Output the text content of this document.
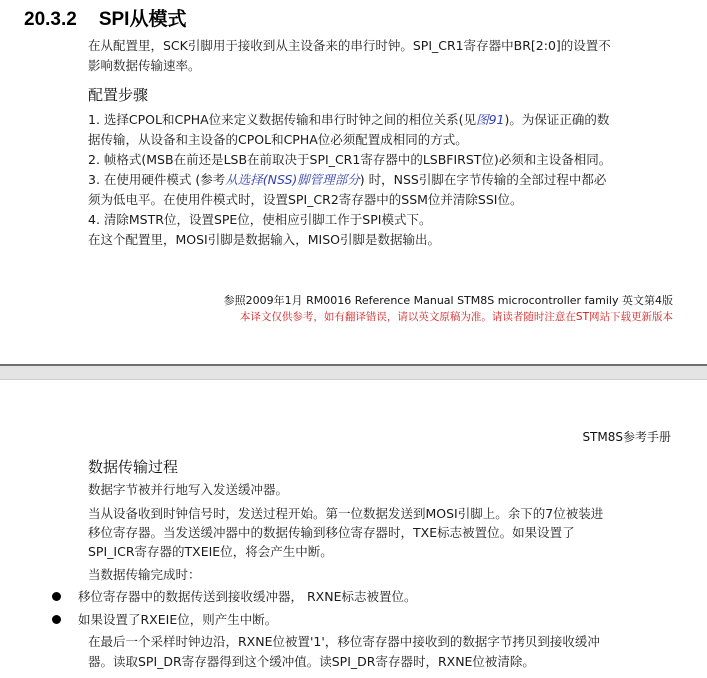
20.3.2 SPI从模式
在从配置里，SCK引脚用于接收到从主设备来的串行时钟。SPI_CR1寄存器中BR[2:0]的设置不
影响数据传输速率。
配置步骤
1. 选择CPOL和CPHA位来定义数据传输和串行时钟之间的相位关系(见图91)。为保证正确的数
据传输，从设备和主设备的CPOL和CPHA位必须配置成相同的方式。
2. 帧格式(MSB在前还是LSB在前取决于SPI_CR1寄存器中的LSBFIRST位)必须和主设备相同。
3. 在使用硬件模式 (参考从选择(NSS)脚管理部分) 时，NSS引脚在字节传输的全部过程中都必
须为低电平。在使用件模式时，设置SPI_CR2寄存器中的SSM位并清除SSI位。
4. 清除MSTR位，设置SPE位，使相应引脚工作于SPI模式下。
在这个配置里，MOSI引脚是数据输入，MISO引脚是数据输出。
参照2009年1月 RM0016 Reference Manual STM8S microcontroller family 英文第4版
本译文仅供参考，如有翻译错误，请以英文原稿为准。请读者随时注意在ST网站下载更新版本
STM8S参考手册
数据传输过程
数据字节被并行地写入发送缓冲器。
当从设备收到时钟信号时，发送过程开始。第一位数据发送到MOSI引脚上。余下的7位被装进
移位寄存器。当发送缓冲器中的数据传输到移位寄存器时，TXE标志被置位。如果设置了
SPI_ICR寄存器的TXEIE位，将会产生中断。
当数据传输完成时：
移位寄存器中的数据传送到接收缓冲器， RXNE标志被置位。
如果设置了RXEIE位，则产生中断。
在最后一个采样时钟边沿，RXNE位被置'1'，移位寄存器中接收到的数据字节拷贝到接收缓冲
器。读取SPI_DR寄存器得到这个缓冲值。读SPI_DR寄存器时，RXNE位被清除。
